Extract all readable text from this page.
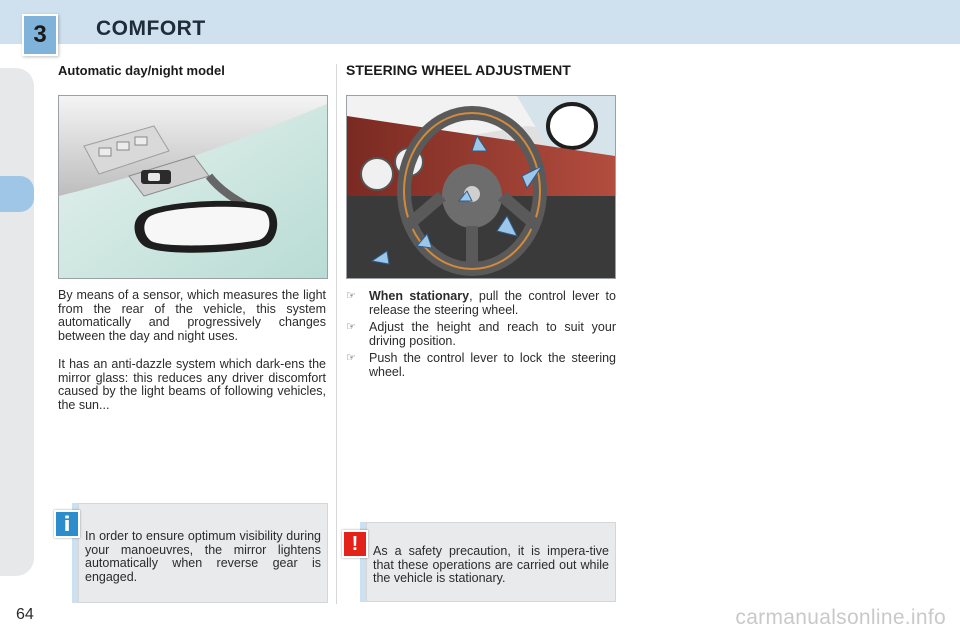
3	COMFORT
Automatic day/night model
By means of a sensor, which measures the light from the rear of the vehicle, this system automatically and progressively changes between the day and night uses.
It has an anti-dazzle system which dark-ens the mirror glass: this reduces any driver discomfort caused by the light beams of following vehicles, the sun...
In order to ensure optimum visibility during your manoeuvres, the mirror lightens automatically when reverse gear is engaged.
i
STEERING WHEEL ADJUSTMENT
☞	When stationary, pull the control lever to release the steering wheel.
☞	Adjust the height and reach to suit your driving position.
☞	Push the control lever to lock the steering wheel.
As a safety precaution, it is impera-tive that these operations are carried out while the vehicle is stationary.
!
64	carmanualsonline.info
